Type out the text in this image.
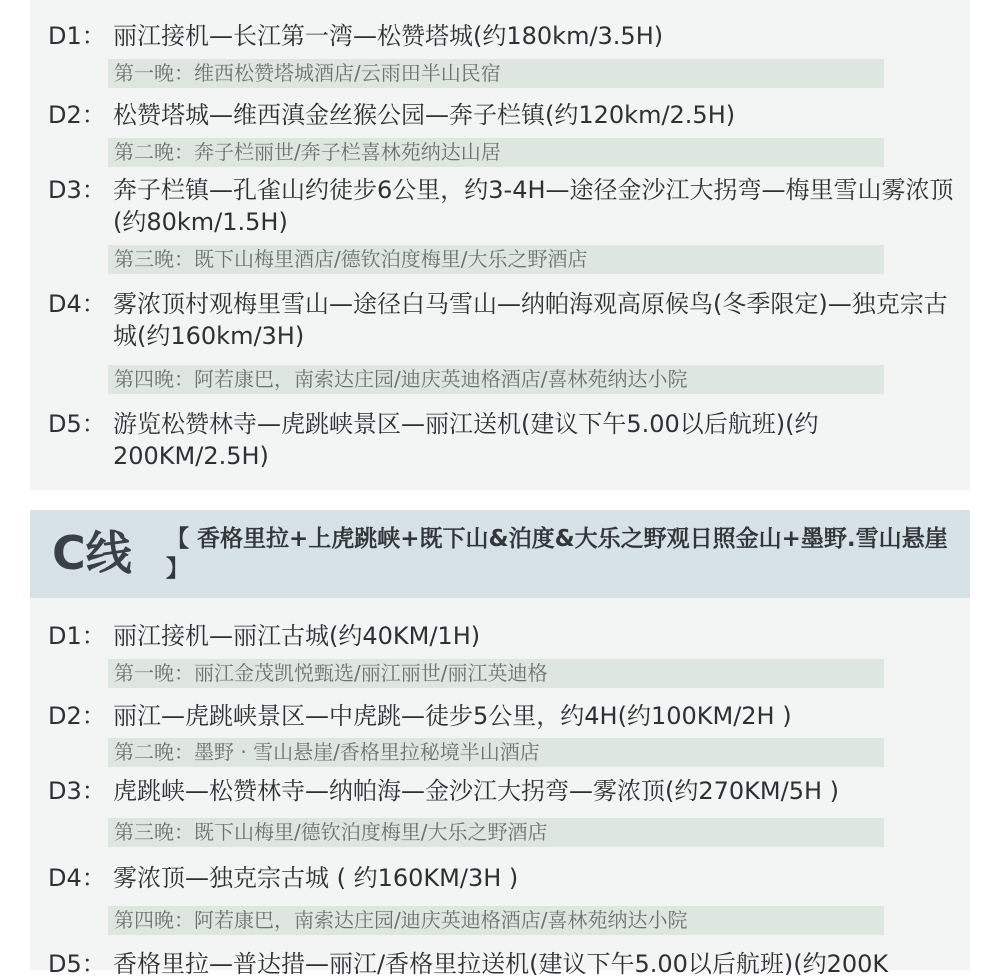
D1： 丽江接机—长江第一湾—松赞塔城(约180km/3.5H)
第一晚：维西松赞塔城酒店/云雨田半山民宿
D2： 松赞塔城—维西滇金丝猴公园—奔子栏镇(约120km/2.5H)
第二晚：奔子栏丽世/奔子栏喜林苑纳达山居
D3： 奔子栏镇—孔雀山约徒步6公里，约3-4H—途径金沙江大拐弯—梅里雪山雾浓顶(约80km/1.5H)
第三晚：既下山梅里酒店/德钦泊度梅里/大乐之野酒店
D4： 雾浓顶村观梅里雪山—途径白马雪山—纳帕海观高原候鸟(冬季限定)—独克宗古城(约160km/3H)
第四晚：阿若康巴，南索达庄园/迪庆英迪格酒店/喜林苑纳达小院
D5： 游览松赞林寺—虎跳峡景区—丽江送机(建议下午5.00以后航班)(约200KM/2.5H)
C线 【 香格里拉+上虎跳峡+既下山&泊度&大乐之野观日照金山+墨野.雪山悬崖 】
D1： 丽江接机—丽江古城(约40KM/1H)
第一晚：丽江金茂凯悦甄选/丽江丽世/丽江英迪格
D2： 丽江—虎跳峡景区—中虎跳—徒步5公里，约4H(约100KM/2H )
第二晚：墨野 · 雪山悬崖/香格里拉秘境半山酒店
D3： 虎跳峡—松赞林寺—纳帕海—金沙江大拐弯—雾浓顶(约270KM/5H )
第三晚：既下山梅里/德钦泊度梅里/大乐之野酒店
D4： 雾浓顶—独克宗古城 ( 约160KM/3H )
第四晚：阿若康巴，南索达庄园/迪庆英迪格酒店/喜林苑纳达小院
D5： 香格里拉—普达措—丽江/香格里拉送机(建议下午5.00以后航班)(约200K
